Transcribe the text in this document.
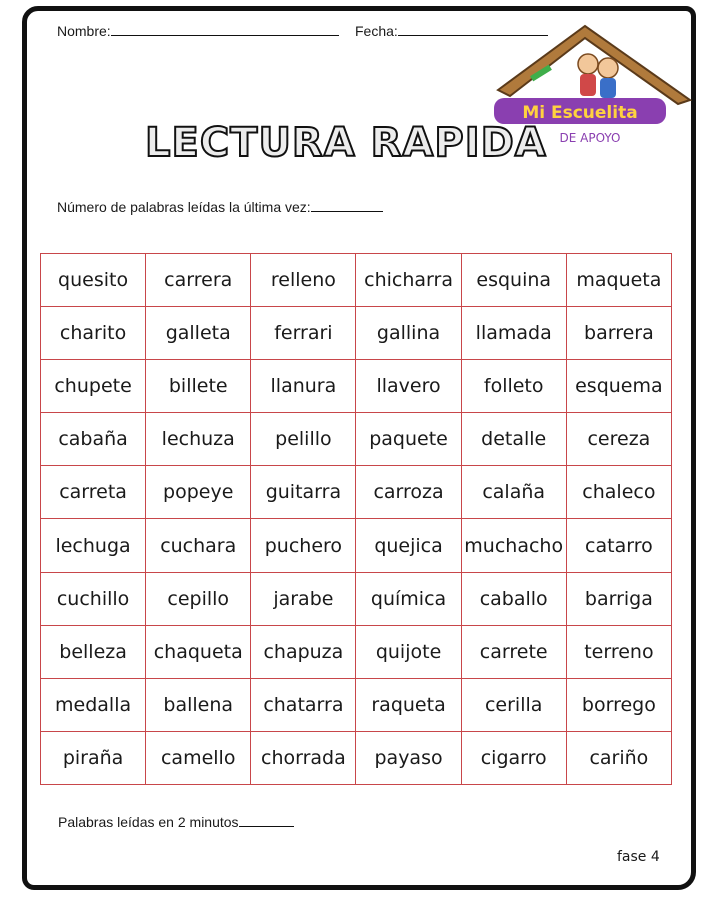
Nombre:	Fecha:
Mi Escuelita
DE APOYO
LECTURA RAPIDA
Número de palabras leídas la última vez:
quesito	carrera	relleno	chicharra	esquina	maqueta
charito	galleta	ferrari	gallina	llamada	barrera
chupete	billete	llanura	llavero	folleto	esquema
cabaña	lechuza	pelillo	paquete	detalle	cereza
carreta	popeye	guitarra	carroza	calaña	chaleco
lechuga	cuchara	puchero	quejica	muchacho	catarro
cuchillo	cepillo	jarabe	química	caballo	barriga
belleza	chaqueta	chapuza	quijote	carrete	terreno
medalla	ballena	chatarra	raqueta	cerilla	borrego
piraña	camello	chorrada	payaso	cigarro	cariño
Palabras leídas en 2 minutos
fase 4
